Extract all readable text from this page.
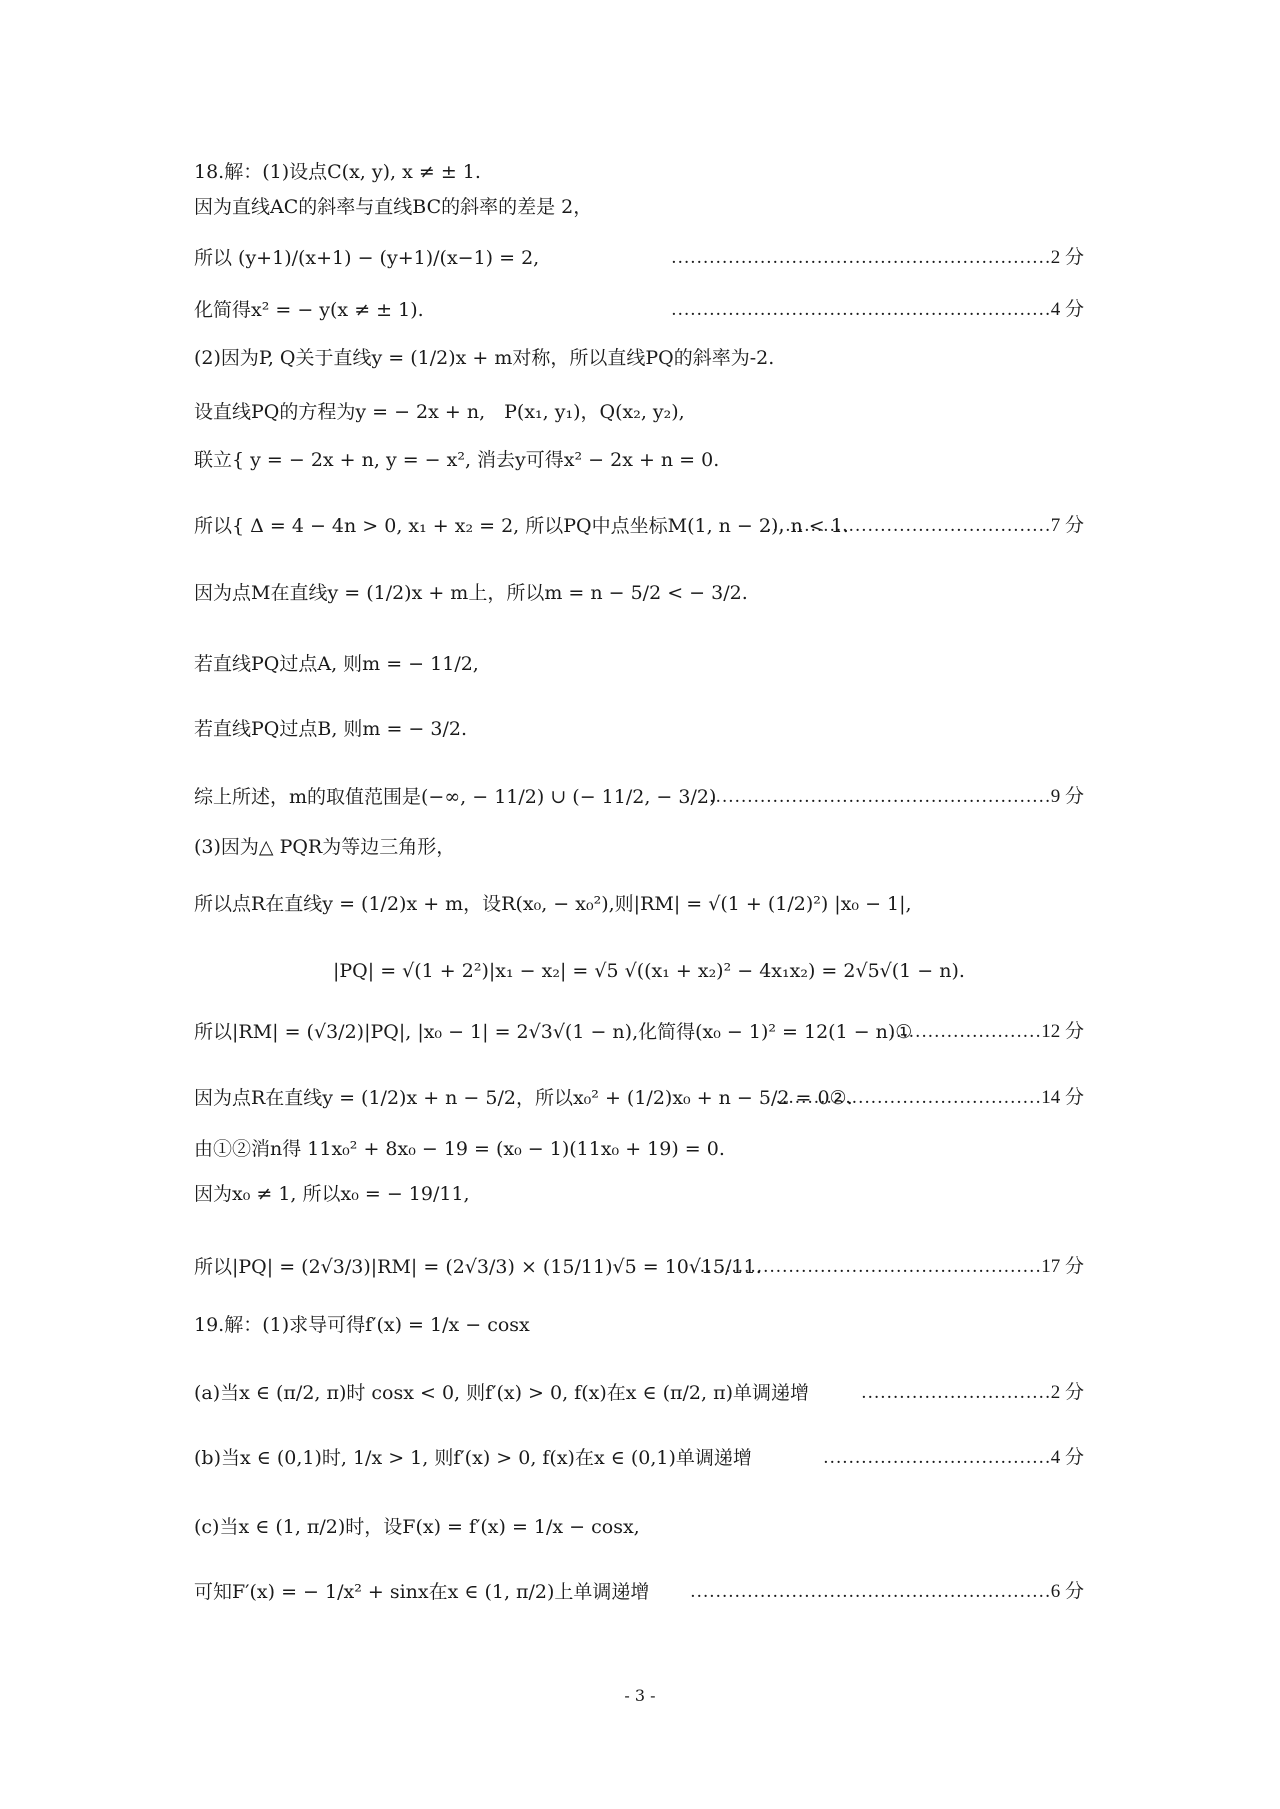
18.解：(1)设点C(x, y), x ≠ ± 1.
因为直线AC的斜率与直线BC的斜率的差是 2，
所以 (y+1)/(x+1) − (y+1)/(x−1) = 2,	……………………………………………………2 分
化简得x² = − y(x ≠ ± 1).	……………………………………………………4 分
(2)因为P, Q关于直线y = (1/2)x + m对称，所以直线PQ的斜率为-2.
设直线PQ的方程为y = − 2x + n,　P(x₁, y₁)，Q(x₂, y₂),
联立{ y = − 2x + n, y = − x², 消去y可得x² − 2x + n = 0.
所以{ Δ = 4 − 4n > 0, x₁ + x₂ = 2, 所以PQ中点坐标M(1, n − 2), n < 1.
………………………………………7 分
因为点M在直线y = (1/2)x + m上，所以m = n − 5/2 < − 3/2.
若直线PQ过点A, 则m = − 11/2,
若直线PQ过点B, 则m = − 3/2.
综上所述，m的取值范围是(−∞, − 11/2) ∪ (− 11/2, − 3/2)
………………………………………………9 分
(3)因为△ PQR为等边三角形，
所以点R在直线y = (1/2)x + m，设R(x₀, − x₀²),则|RM| = √(1 + (1/2)²) |x₀ − 1|,
|PQ| = √(1 + 2²)|x₁ − x₂| = √5 √((x₁ + x₂)² − 4x₁x₂) = 2√5√(1 − n).
所以|RM| = (√3/2)|PQ|, |x₀ − 1| = 2√3√(1 − n),化简得(x₀ − 1)² = 12(1 − n)①
……………………12 分
因为点R在直线y = (1/2)x + n − 5/2，所以x₀² + (1/2)x₀ + n − 5/2 = 0②.
……………………………………14 分
由①②消n得 11x₀² + 8x₀ − 19 = (x₀ − 1)(11x₀ + 19) = 0.
因为x₀ ≠ 1, 所以x₀ = − 19/11,
所以|PQ| = (2√3/3)|RM| = (2√3/3) × (15/11)√5 = 10√15/11.
………………………………………………17 分
19.解：(1)求导可得f′(x) = 1/x − cosx
(a)当x ∈ (π/2, π)时 cosx < 0, 则f′(x) > 0, f(x)在x ∈ (π/2, π)单调递增	…………………………2 分
(b)当x ∈ (0,1)时, 1/x > 1, 则f′(x) > 0, f(x)在x ∈ (0,1)单调递增	………………………………4 分
(c)当x ∈ (1, π/2)时，设F(x) = f′(x) = 1/x − cosx,
可知F′(x) = − 1/x² + sinx在x ∈ (1, π/2)上单调递增 …………………………………………………6 分
- 3 -
